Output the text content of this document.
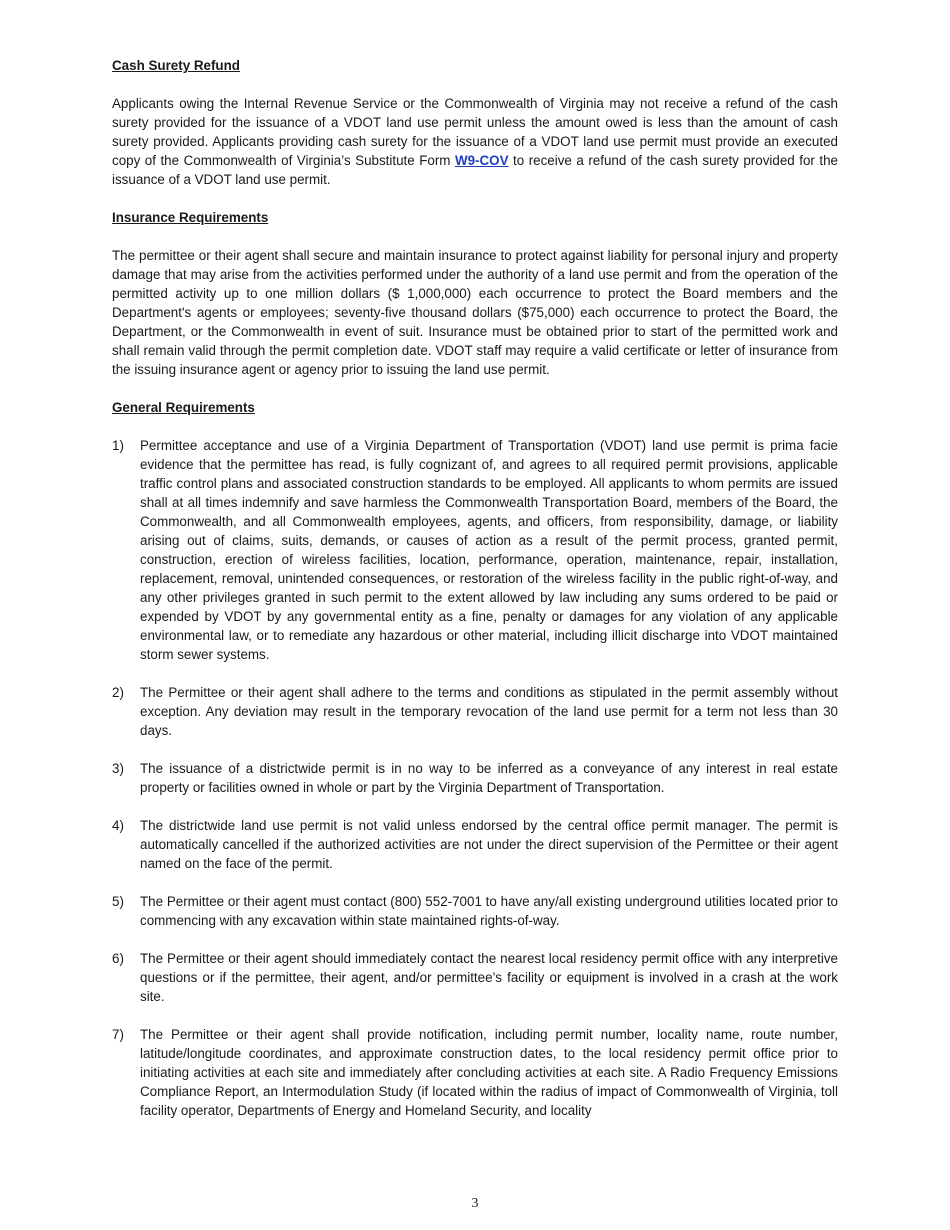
Cash Surety Refund

Applicants owing the Internal Revenue Service or the Commonwealth of Virginia may not receive a refund of the cash surety provided for the issuance of a VDOT land use permit unless the amount owed is less than the amount of cash surety provided. Applicants providing cash surety for the issuance of a VDOT land use permit must provide an executed copy of the Commonwealth of Virginia’s Substitute Form W9-COV to receive a refund of the cash surety provided for the issuance of a VDOT land use permit.

Insurance Requirements

The permittee or their agent shall secure and maintain insurance to protect against liability for personal injury and property damage that may arise from the activities performed under the authority of a land use permit and from the operation of the permitted activity up to one million dollars ($ 1,000,000) each occurrence to protect the Board members and the Department's agents or employees; seventy-five thousand dollars ($75,000) each occurrence to protect the Board, the Department, or the Commonwealth in event of suit. Insurance must be obtained prior to start of the permitted work and shall remain valid through the permit completion date. VDOT staff may require a valid certificate or letter of insurance from the issuing insurance agent or agency prior to issuing the land use permit.

General Requirements
1) Permittee acceptance and use of a Virginia Department of Transportation (VDOT) land use permit is prima facie evidence that the permittee has read, is fully cognizant of, and agrees to all required permit provisions, applicable traffic control plans and associated construction standards to be employed. All applicants to whom permits are issued shall at all times indemnify and save harmless the Commonwealth Transportation Board, members of the Board, the Commonwealth, and all Commonwealth employees, agents, and officers, from responsibility, damage, or liability arising out of claims, suits, demands, or causes of action as a result of the permit process, granted permit, construction, erection of wireless facilities, location, performance, operation, maintenance, repair, installation, replacement, removal, unintended consequences, or restoration of the wireless facility in the public right-of-way, and any other privileges granted in such permit to the extent allowed by law including any sums ordered to be paid or expended by VDOT by any governmental entity as a fine, penalty or damages for any violation of any applicable environmental law, or to remediate any hazardous or other material, including illicit discharge into VDOT maintained storm sewer systems.
2) The Permittee or their agent shall adhere to the terms and conditions as stipulated in the permit assembly without exception. Any deviation may result in the temporary revocation of the land use permit for a term not less than 30 days.
3) The issuance of a districtwide permit is in no way to be inferred as a conveyance of any interest in real estate property or facilities owned in whole or part by the Virginia Department of Transportation.
4) The districtwide land use permit is not valid unless endorsed by the central office permit manager. The permit is automatically cancelled if the authorized activities are not under the direct supervision of the Permittee or their agent named on the face of the permit.
5) The Permittee or their agent must contact (800) 552-7001 to have any/all existing underground utilities located prior to commencing with any excavation within state maintained rights-of-way.
6) The Permittee or their agent should immediately contact the nearest local residency permit office with any interpretive questions or if the permittee, their agent, and/or permittee’s facility or equipment is involved in a crash at the work site.
7) The Permittee or their agent shall provide notification, including permit number, locality name, route number, latitude/longitude coordinates, and approximate construction dates, to the local residency permit office prior to initiating activities at each site and immediately after concluding activities at each site. A Radio Frequency Emissions Compliance Report, an Intermodulation Study (if located within the radius of impact of Commonwealth of Virginia, toll facility operator, Departments of Energy and Homeland Security, and locality
3
